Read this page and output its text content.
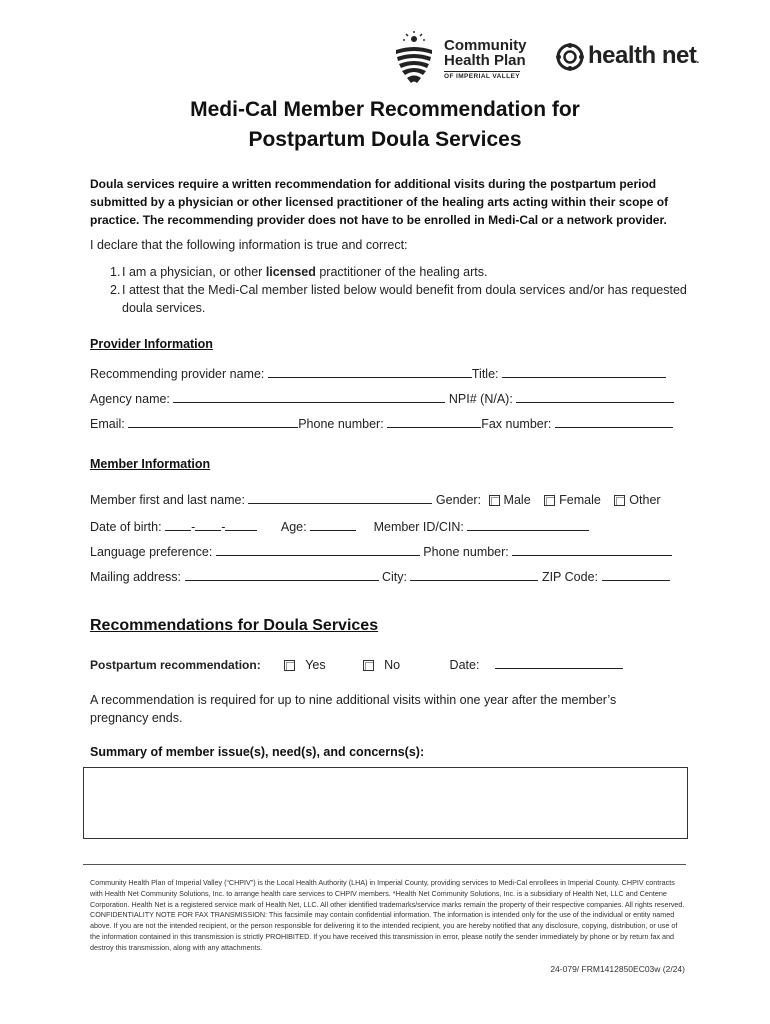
Community
Health Plan
OF IMPERIAL VALLEY
health net.
Medi-Cal Member Recommendation for
Postpartum Doula Services
Doula services require a written recommendation for additional visits during the postpartum period submitted by a physician or other licensed practitioner of the healing arts acting within their scope of practice. The recommending provider does not have to be enrolled in Medi-Cal or a network provider.
I declare that the following information is true and correct:
1. I am a physician, or other licensed practitioner of the healing arts.
2. I attest that the Medi-Cal member listed below would benefit from doula services and/or has requested doula services.
Provider Information
Recommending provider name:	Title:
Agency name:	NPI# (N/A):
Email:	Phone number:	Fax number:
Member Information
Member first and last name:	Gender: Male Female Other
Date of birth: - -	Age:	Member ID/CIN:
Language preference:	Phone number:
Mailing address:	City:	ZIP Code:
Recommendations for Doula Services
Postpartum recommendation:	Yes	No	Date:
A recommendation is required for up to nine additional visits within one year after the member’s pregnancy ends.
Summary of member issue(s), need(s), and concerns(s):
Community Health Plan of Imperial Valley (“CHPIV”) is the Local Health Authority (LHA) in Imperial County, providing services to Medi-Cal enrollees in Imperial County. CHPIV contracts with Health Net Community Solutions, Inc. to arrange health care services to CHPIV members. *Health Net Community Solutions, Inc. is a subsidiary of Health Net, LLC and Centene Corporation. Health Net is a registered service mark of Health Net, LLC. All other identified trademarks/service marks remain the property of their respective companies. All rights reserved. CONFIDENTIALITY NOTE FOR FAX TRANSMISSION: This facsimile may contain confidential information. The information is intended only for the use of the individual or entity named above. If you are not the intended recipient, or the person responsible for delivering it to the intended recipient, you are hereby notified that any disclosure, copying, distribution, or use of the information contained in this transmission is strictly PROHIBITED. If you have received this transmission in error, please notify the sender immediately by phone or by return fax and destroy this transmission, along with any attachments.
24-079/ FRM1412850EC03w (2/24)
